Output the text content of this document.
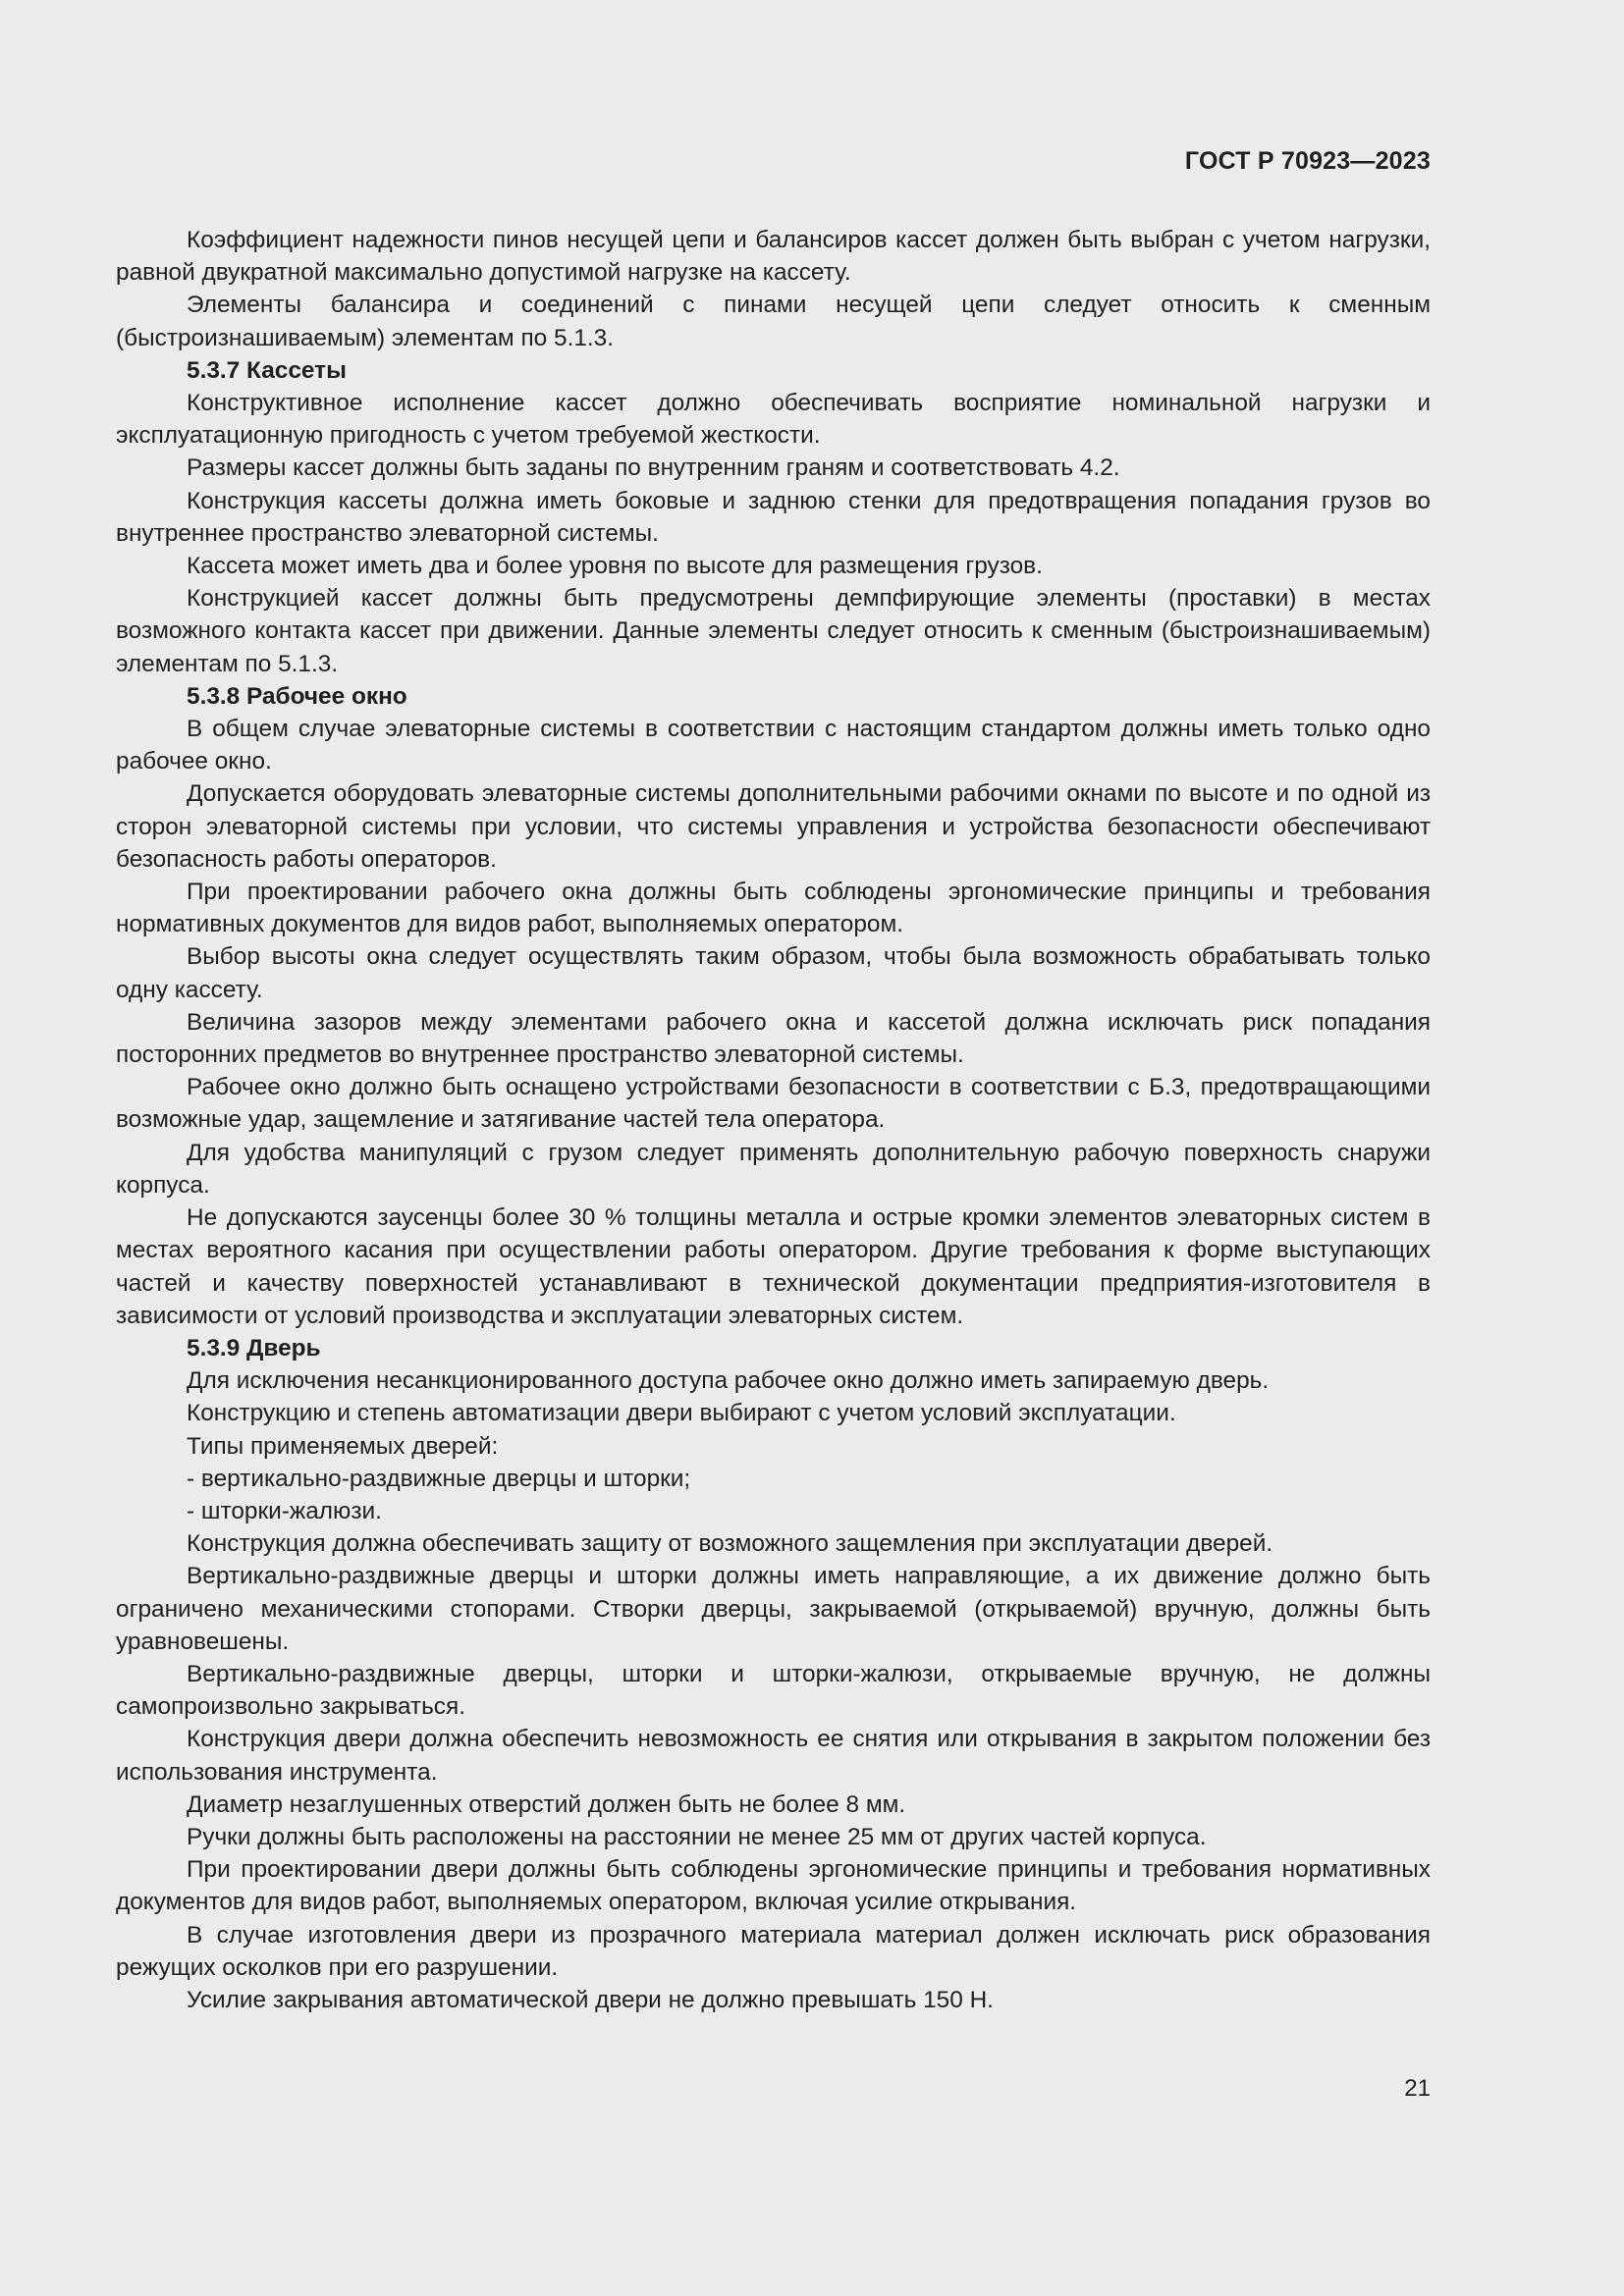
ГОСТ Р 70923—2023

Коэффициент надежности пинов несущей цепи и балансиров кассет должен быть выбран с учетом нагрузки, равной двукратной максимально допустимой нагрузке на кассету.

Элементы балансира и соединений с пинами несущей цепи следует относить к сменным (быстроизнашиваемым) элементам по 5.1.3.

5.3.7 Кассеты

Конструктивное исполнение кассет должно обеспечивать восприятие номинальной нагрузки и эксплуатационную пригодность с учетом требуемой жесткости.

Размеры кассет должны быть заданы по внутренним граням и соответствовать 4.2.

Конструкция кассеты должна иметь боковые и заднюю стенки для предотвращения попадания грузов во внутреннее пространство элеваторной системы.

Кассета может иметь два и более уровня по высоте для размещения грузов.

Конструкцией кассет должны быть предусмотрены демпфирующие элементы (проставки) в местах возможного контакта кассет при движении. Данные элементы следует относить к сменным (быстроизнашиваемым) элементам по 5.1.3.

5.3.8 Рабочее окно

В общем случае элеваторные системы в соответствии с настоящим стандартом должны иметь только одно рабочее окно.

Допускается оборудовать элеваторные системы дополнительными рабочими окнами по высоте и по одной из сторон элеваторной системы при условии, что системы управления и устройства безопасности обеспечивают безопасность работы операторов.

При проектировании рабочего окна должны быть соблюдены эргономические принципы и требования нормативных документов для видов работ, выполняемых оператором.

Выбор высоты окна следует осуществлять таким образом, чтобы была возможность обрабатывать только одну кассету.

Величина зазоров между элементами рабочего окна и кассетой должна исключать риск попадания посторонних предметов во внутреннее пространство элеваторной системы.

Рабочее окно должно быть оснащено устройствами безопасности в соответствии с Б.3, предотвращающими возможные удар, защемление и затягивание частей тела оператора.

Для удобства манипуляций с грузом следует применять дополнительную рабочую поверхность снаружи корпуса.

Не допускаются заусенцы более 30 % толщины металла и острые кромки элементов элеваторных систем в местах вероятного касания при осуществлении работы оператором. Другие требования к форме выступающих частей и качеству поверхностей устанавливают в технической документации предприятия-изготовителя в зависимости от условий производства и эксплуатации элеваторных систем.

5.3.9 Дверь

Для исключения несанкционированного доступа рабочее окно должно иметь запираемую дверь.

Конструкцию и степень автоматизации двери выбирают с учетом условий эксплуатации.

Типы применяемых дверей:

- вертикально-раздвижные дверцы и шторки;

- шторки-жалюзи.

Конструкция должна обеспечивать защиту от возможного защемления при эксплуатации дверей.

Вертикально-раздвижные дверцы и шторки должны иметь направляющие, а их движение должно быть ограничено механическими стопорами. Створки дверцы, закрываемой (открываемой) вручную, должны быть уравновешены.

Вертикально-раздвижные дверцы, шторки и шторки-жалюзи, открываемые вручную, не должны самопроизвольно закрываться.

Конструкция двери должна обеспечить невозможность ее снятия или открывания в закрытом положении без использования инструмента.

Диаметр незаглушенных отверстий должен быть не более 8 мм.

Ручки должны быть расположены на расстоянии не менее 25 мм от других частей корпуса.

При проектировании двери должны быть соблюдены эргономические принципы и требования нормативных документов для видов работ, выполняемых оператором, включая усилие открывания.

В случае изготовления двери из прозрачного материала материал должен исключать риск образования режущих осколков при его разрушении.

Усилие закрывания автоматической двери не должно превышать 150 Н.

21
